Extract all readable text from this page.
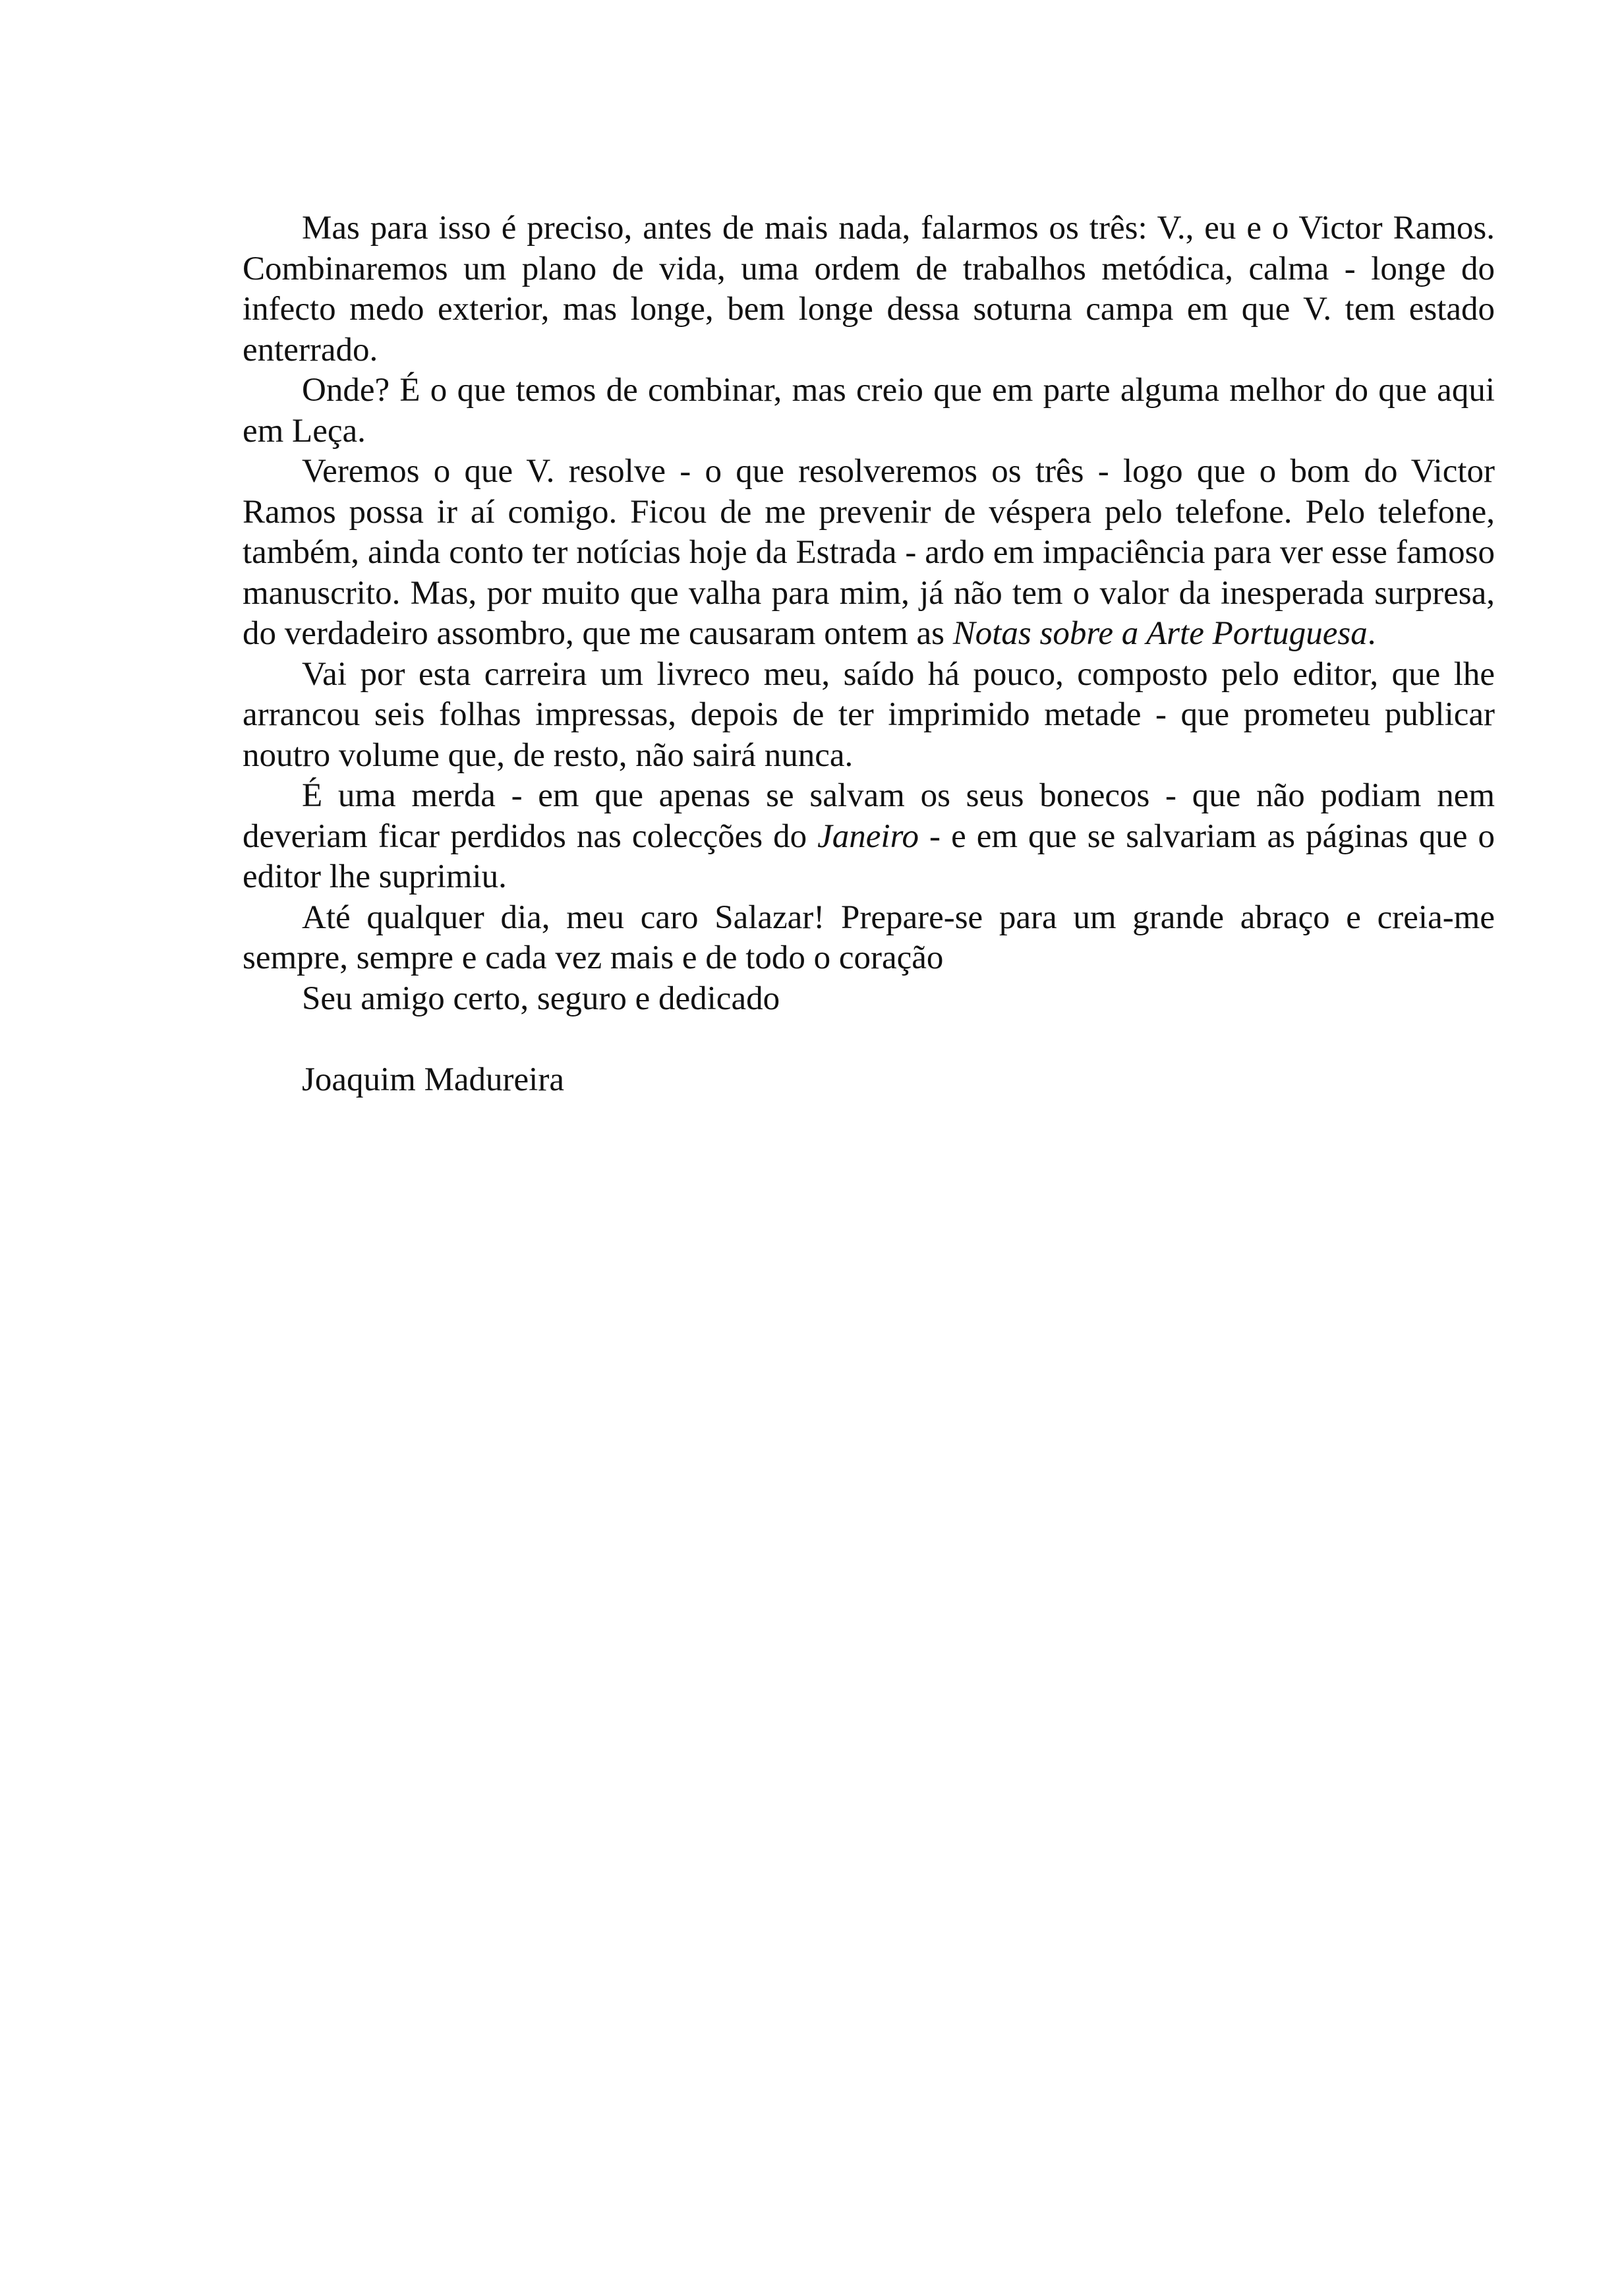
Mas para isso é preciso, antes de mais nada, falarmos os três: V., eu e o Victor Ramos. Combinaremos um plano de vida, uma ordem de trabalhos metódica, calma - longe do infecto medo exterior, mas longe, bem longe dessa soturna campa em que V. tem estado enterrado.

Onde? É o que temos de combinar, mas creio que em parte alguma melhor do que aqui em Leça.

Veremos o que V. resolve - o que resolveremos os três - logo que o bom do Victor Ramos possa ir aí comigo. Ficou de me prevenir de véspera pelo telefone. Pelo telefone, também, ainda conto ter notícias hoje da Estrada - ardo em impaciência para ver esse famoso manuscrito. Mas, por muito que valha para mim, já não tem o valor da inesperada surpresa, do verdadeiro assombro, que me causaram ontem as Notas sobre a Arte Portuguesa.

Vai por esta carreira um livreco meu, saído há pouco, composto pelo editor, que lhe arrancou seis folhas impressas, depois de ter imprimido metade - que prometeu publicar noutro volume que, de resto, não sairá nunca.

É uma merda - em que apenas se salvam os seus bonecos - que não podiam nem deveriam ficar perdidos nas colecções do Janeiro - e em que se salvariam as páginas que o editor lhe suprimiu.

Até qualquer dia, meu caro Salazar! Prepare-se para um grande abraço e creia-me sempre, sempre e cada vez mais e de todo o coração

Seu amigo certo, seguro e dedicado

Joaquim Madureira
